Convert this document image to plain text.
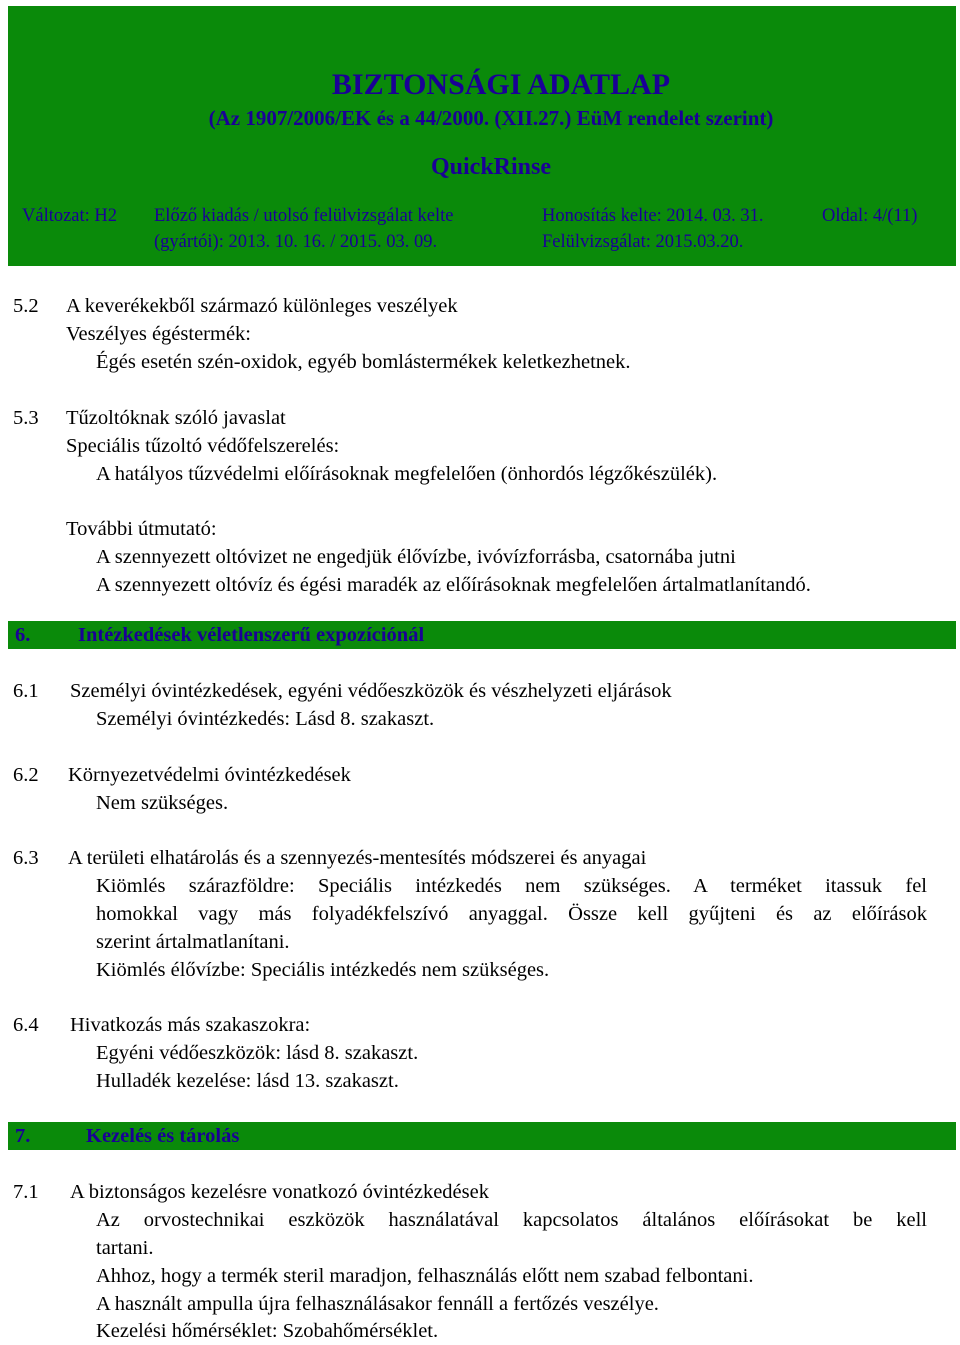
BIZTONSÁGI ADATLAP
(Az 1907/2006/EK és a 44/2000. (XII.27.) EüM rendelet szerint)
QuickRinse
Változat: H2 Előző kiadás / utolsó felülvizsgálat kelte
(gyártói): 2013. 10. 16. / 2015. 03. 09.
Honosítás kelte: 2014. 03. 31.
Felülvizsgálat: 2015.03.20.
Oldal: 4/(11)
5.2 A keverékekből származó különleges veszélyek
Veszélyes égéstermék:
Égés esetén szén-oxidok, egyéb bomlástermékek keletkezhetnek.
5.3 Tűzoltóknak szóló javaslat
Speciális tűzoltó védőfelszerelés:
A hatályos tűzvédelmi előírásoknak megfelelően (önhordós légzőkészülék).
További útmutató:
A szennyezett oltóvizet ne engedjük élővízbe, ivóvízforrásba, csatornába jutni
A szennyezett oltóvíz és égési maradék az előírásoknak megfelelően ártalmatlanítandó.
6. Intézkedések véletlenszerű expozíciónál
6.1 Személyi óvintézkedések, egyéni védőeszközök és vészhelyzeti eljárások
Személyi óvintézkedés: Lásd 8. szakaszt.
6.2 Környezetvédelmi óvintézkedések
Nem szükséges.
6.3 A területi elhatárolás és a szennyezés-mentesítés módszerei és anyagai
Kiömlés szárazföldre: Speciális intézkedés nem szükséges. A terméket itassuk fel
homokkal vagy más folyadékfelszívó anyaggal. Össze kell gyűjteni és az előírások
szerint ártalmatlanítani.
Kiömlés élővízbe: Speciális intézkedés nem szükséges.
6.4 Hivatkozás más szakaszokra:
Egyéni védőeszközök: lásd 8. szakaszt.
Hulladék kezelése: lásd 13. szakaszt.
7.	Kezelés és tárolás
7.1 A biztonságos kezelésre vonatkozó óvintézkedések
Az orvostechnikai eszközök használatával kapcsolatos általános előírásokat be kell
tartani.
Ahhoz, hogy a termék steril maradjon, felhasználás előtt nem szabad felbontani.
A használt ampulla újra felhasználásakor fennáll a fertőzés veszélye.
Kezelési hőmérséklet: Szobahőmérséklet.
